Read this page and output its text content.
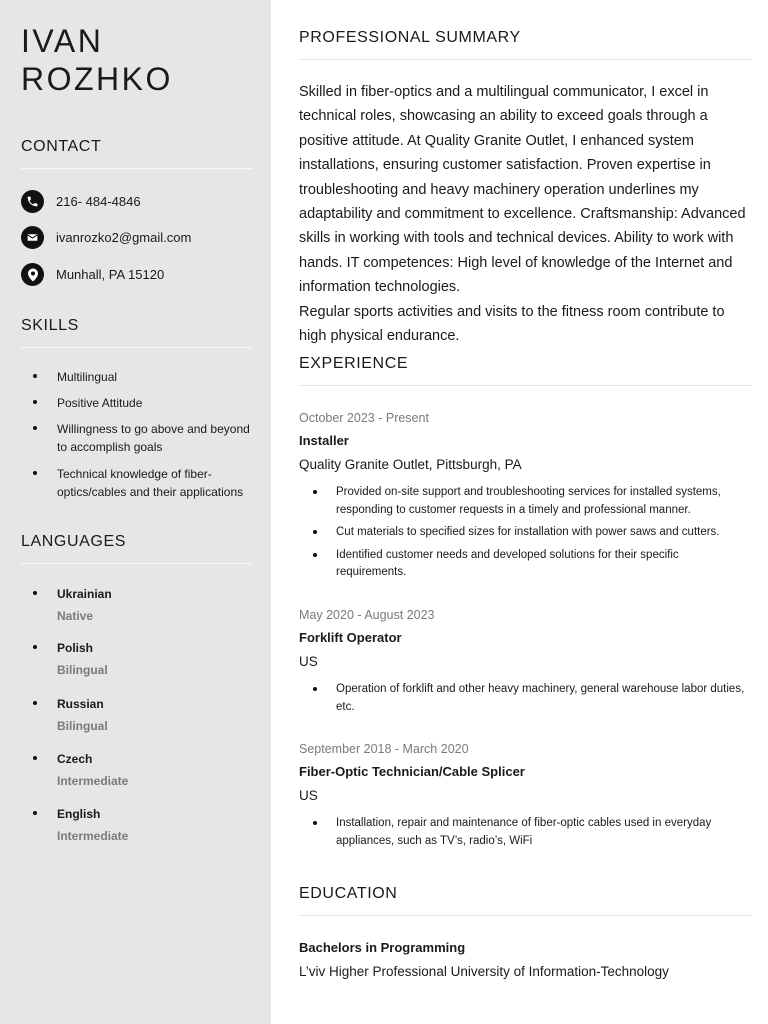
IVAN
ROZHKO
CONTACT
216- 484-4846
ivanrozko2@gmail.com
Munhall, PA 15120
SKILLS
Multilingual
Positive Attitude
Willingness to go above and beyond to accomplish goals
Technical knowledge of fiber-optics/cables and their applications
LANGUAGES
Ukrainian
Native
Polish
Bilingual
Russian
Bilingual
Czech
Intermediate
English
Intermediate
PROFESSIONAL SUMMARY

Skilled in fiber-optics and a multilingual communicator, I excel in technical roles, showcasing an ability to exceed goals through a positive attitude. At Quality Granite Outlet, I enhanced system installations, ensuring customer satisfaction. Proven expertise in troubleshooting and heavy machinery operation underlines my adaptability and commitment to excellence. Craftsmanship: Advanced skills in working with tools and technical devices. Ability to work with hands. IT competences: High level of knowledge of the Internet and information technologies.

Regular sports activities and visits to the fitness room contribute to high physical endurance.

EXPERIENCE
October 2023 - Present
Installer
Quality Granite Outlet, Pittsburgh, PA
Provided on-site support and troubleshooting services for installed systems, responding to customer requests in a timely and professional manner.
Cut materials to specified sizes for installation with power saws and cutters.
Identified customer needs and developed solutions for their specific requirements.
May 2020 - August 2023
Forklift Operator
US
Operation of forklift and other heavy machinery, general warehouse labor duties, etc.
September 2018 - March 2020
Fiber-Optic Technician/Cable Splicer
US
Installation, repair and maintenance of fiber-optic cables used in everyday appliances, such as TV’s, radio’s, WiFi
EDUCATION
Bachelors in Programming
L’viv Higher Professional University of Information-Technology
